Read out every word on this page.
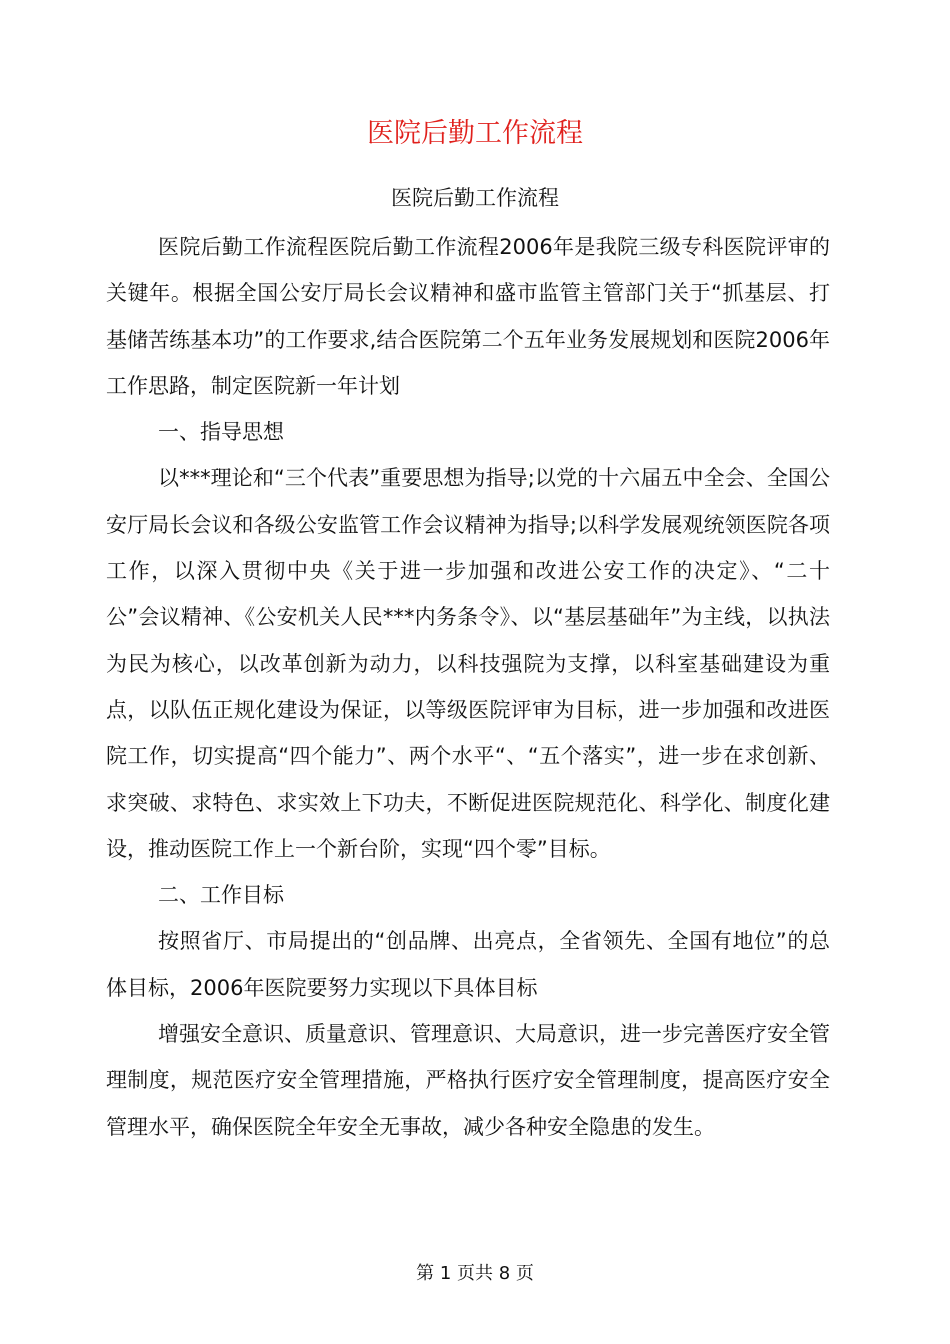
医院后勤工作流程
医院后勤工作流程

医院后勤工作流程医院后勤工作流程2006年是我院三级专科医院评审的关键年。根据全国公安厅局长会议精神和盛市监管主管部门关于“抓基层、打基储苦练基本功”的工作要求,结合医院第二个五年业务发展规划和医院2006年工作思路，制定医院新一年计划

一、指导思想

以***理论和“三个代表”重要思想为指导;以党的十六届五中全会、全国公安厅局长会议和各级公安监管工作会议精神为指导;以科学发展观统领医院各项工作，以深入贯彻中央《关于进一步加强和改进公安工作的决定》、“二十公”会议精神、《公安机关人民***内务条令》、以“基层基础年”为主线，以执法为民为核心，以改革创新为动力，以科技强院为支撑，以科室基础建设为重点，以队伍正规化建设为保证，以等级医院评审为目标，进一步加强和改进医院工作，切实提高“四个能力”、两个水平“、“五个落实”，进一步在求创新、求突破、求特色、求实效上下功夫，不断促进医院规范化、科学化、制度化建设，推动医院工作上一个新台阶，实现“四个零”目标。

二、工作目标

按照省厅、市局提出的“创品牌、出亮点，全省领先、全国有地位”的总体目标，2006年医院要努力实现以下具体目标

增强安全意识、质量意识、管理意识、大局意识，进一步完善医疗安全管理制度，规范医疗安全管理措施，严格执行医疗安全管理制度，提高医疗安全管理水平，确保医院全年安全无事故，减少各种安全隐患的发生。

第 1 页共 8 页
